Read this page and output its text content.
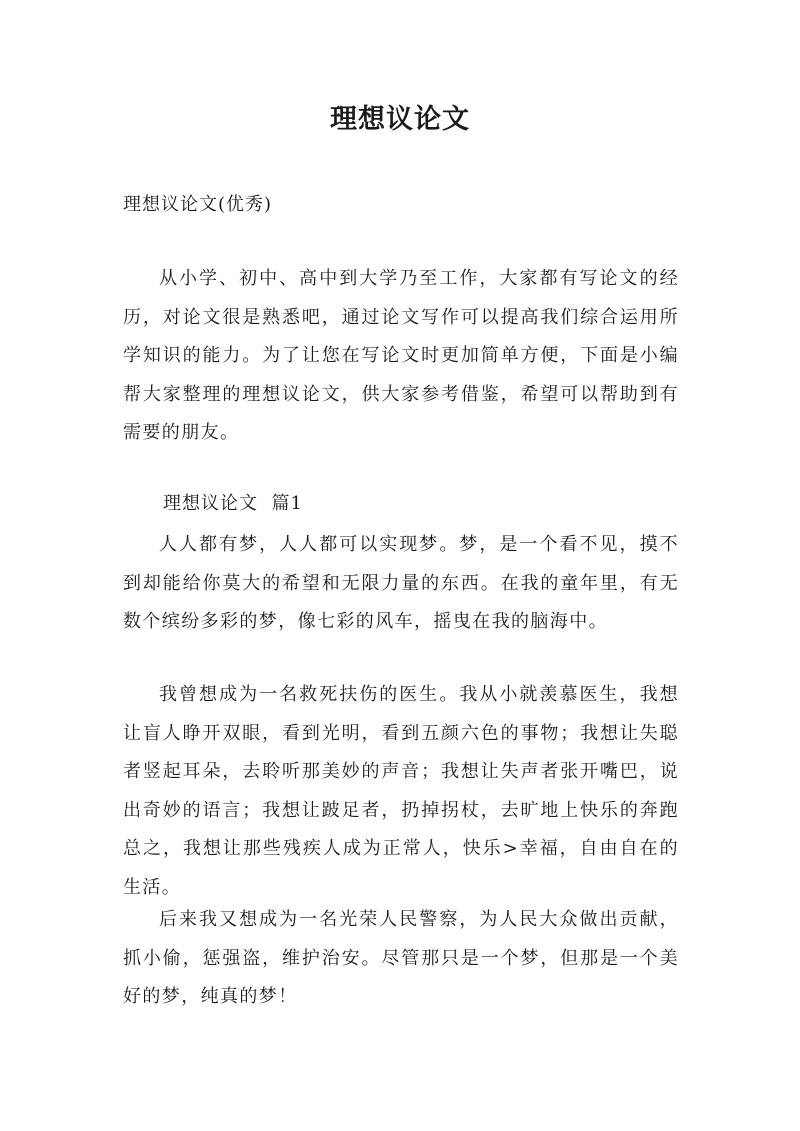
理想议论文

理想议论文(优秀)

从小学、初中、高中到大学乃至工作，大家都有写论文的经历，对论文很是熟悉吧，通过论文写作可以提高我们综合运用所学知识的能力。为了让您在写论文时更加简单方便，下面是小编帮大家整理的理想议论文，供大家参考借鉴，希望可以帮助到有需要的朋友。

理想议论文  篇1

人人都有梦，人人都可以实现梦。梦，是一个看不见，摸不到却能给你莫大的希望和无限力量的东西。在我的童年里，有无数个缤纷多彩的梦，像七彩的风车，摇曳在我的脑海中。

我曾想成为一名救死扶伤的医生。我从小就羡慕医生，我想让盲人睁开双眼，看到光明，看到五颜六色的事物；我想让失聪者竖起耳朵，去聆听那美妙的声音；我想让失声者张开嘴巴，说出奇妙的语言；我想让跛足者，扔掉拐杖，去旷地上快乐的奔跑总之，我想让那些残疾人成为正常人，快乐>幸福，自由自在的生活。

后来我又想成为一名光荣人民警察，为人民大众做出贡献，抓小偷，惩强盗，维护治安。尽管那只是一个梦，但那是一个美好的梦，纯真的梦！
